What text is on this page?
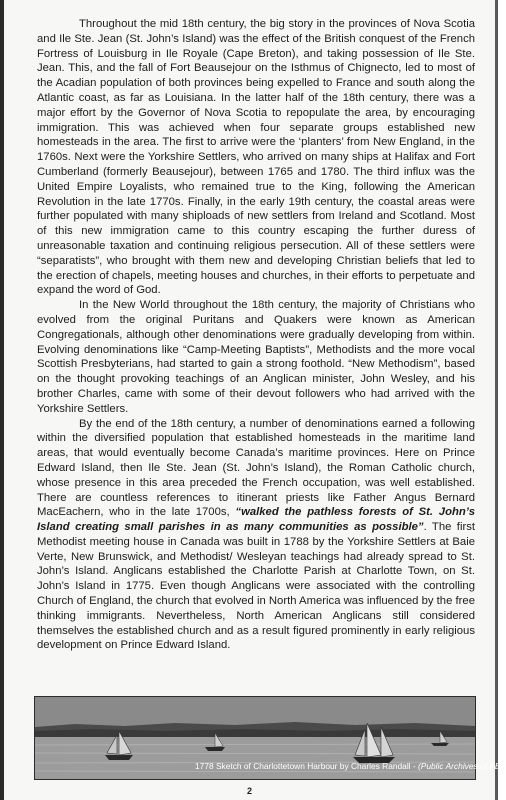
Throughout the mid 18th century, the big story in the provinces of Nova Scotia and Ile Ste. Jean (St. John’s Island) was the effect of the British conquest of the French Fortress of Louisburg in Ile Royale (Cape Breton), and taking possession of Ile Ste. Jean. This, and the fall of Fort Beausejour on the Isthmus of Chignecto, led to most of the Acadian population of both provinces being expelled to France and south along the Atlantic coast, as far as Louisiana. In the latter half of the 18th century, there was a major effort by the Governor of Nova Scotia to repopulate the area, by encouraging immigration. This was achieved when four separate groups established new homesteads in the area. The first to arrive were the ‘planters’ from New England, in the 1760s. Next were the Yorkshire Settlers, who arrived on many ships at Halifax and Fort Cumberland (formerly Beausejour), between 1765 and 1780. The third influx was the United Empire Loyalists, who remained true to the King, following the American Revolution in the late 1770s. Finally, in the early 19th century, the coastal areas were further populated with many shiploads of new settlers from Ireland and Scotland. Most of this new immigration came to this country escaping the further duress of unreasonable taxation and continuing religious persecution. All of these settlers were “separatists”, who brought with them new and developing Christian beliefs that led to the erection of chapels, meeting houses and churches, in their efforts to perpetuate and expand the word of God.

In the New World throughout the 18th century, the majority of Christians who evolved from the original Puritans and Quakers were known as American Congregationals, although other denominations were gradually developing from within. Evolving denominations like “Camp-Meeting Baptists”, Methodists and the more vocal Scottish Presbyterians, had started to gain a strong foothold. “New Methodism”, based on the thought provoking teachings of an Anglican minister, John Wesley, and his brother Charles, came with some of their devout followers who had arrived with the Yorkshire Settlers.

By the end of the 18th century, a number of denominations earned a following within the diversified population that established homesteads in the maritime land areas, that would eventually become Canada’s maritime provinces. Here on Prince Edward Island, then Ile Ste. Jean (St. John’s Island), the Roman Catholic church, whose presence in this area preceded the French occupation, was well established. There are countless references to itinerant priests like Father Angus Bernard MacEachern, who in the late 1700s, “walked the pathless forests of St. John’s Island creating small parishes in as many communities as possible”. The first Methodist meeting house in Canada was built in 1788 by the Yorkshire Settlers at Baie Verte, New Brunswick, and Methodist/ Wesleyan teachings had already spread to St. John’s Island. Anglicans established the Charlotte Parish at Charlotte Town, on St. John’s Island in 1775. Even though Anglicans were associated with the controlling Church of England, the church that evolved in North America was influenced by the free thinking immigrants. Nevertheless, North American Anglicans still considered themselves the established church and as a result figured prominently in early religious development on Prince Edward Island.

1778 Sketch of Charlottetown Harbour by Charles Randall - (Public Archives of PEI)
2
